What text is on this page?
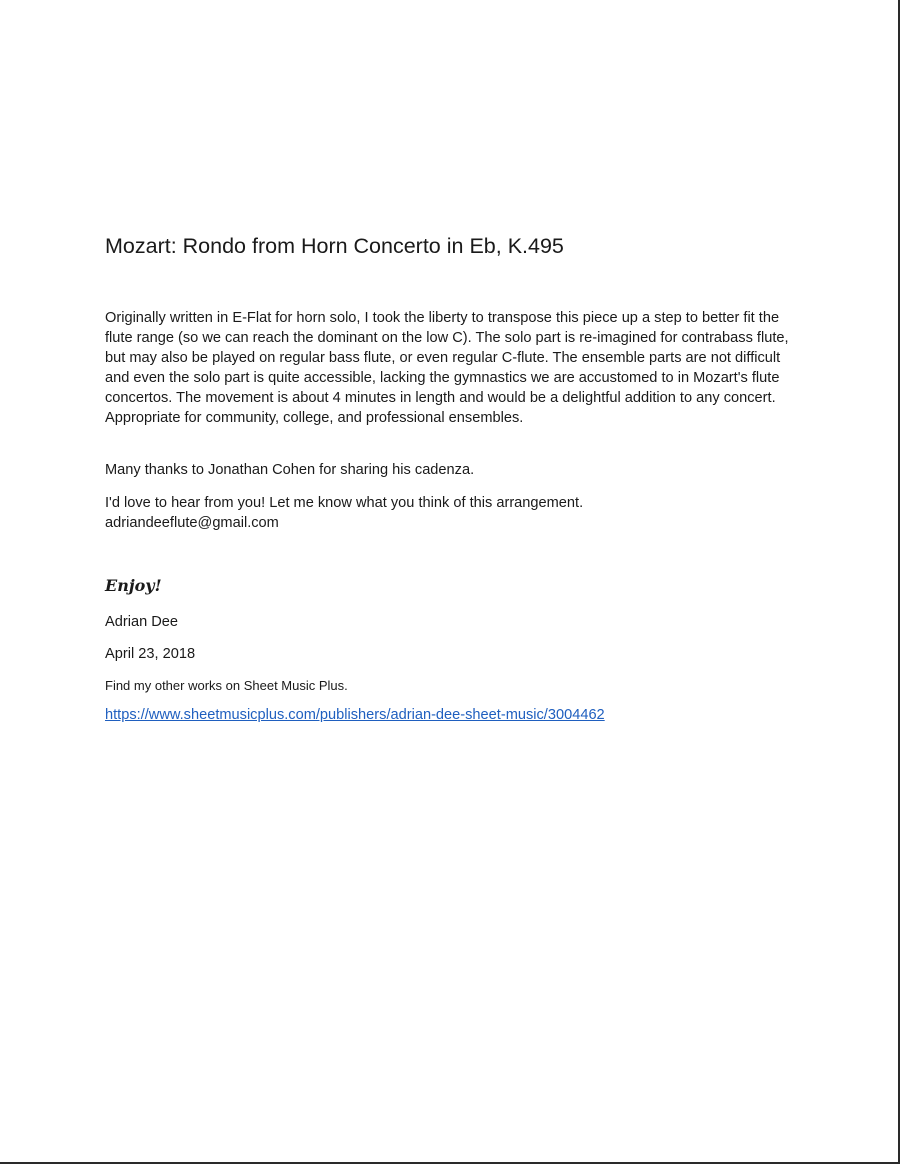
Mozart: Rondo from Horn Concerto in Eb, K.495

Originally written in E-Flat for horn solo, I took the liberty to transpose this piece up a step to better fit the flute range (so we can reach the dominant on the low C). The solo part is re-imagined for contrabass flute, but may also be played on regular bass flute, or even regular C-flute. The ensemble parts are not difficult and even the solo part is quite accessible, lacking the gymnastics we are accustomed to in Mozart's flute concertos. The movement is about 4 minutes in length and would be a delightful addition to any concert. Appropriate for community, college, and professional ensembles.

Many thanks to Jonathan Cohen for sharing his cadenza.

I'd love to hear from you! Let me know what you think of this arrangement.

adriandeeflute@gmail.com

Enjoy!

Adrian Dee

April 23, 2018

Find my other works on Sheet Music Plus.

https://www.sheetmusicplus.com/publishers/adrian-dee-sheet-music/3004462
